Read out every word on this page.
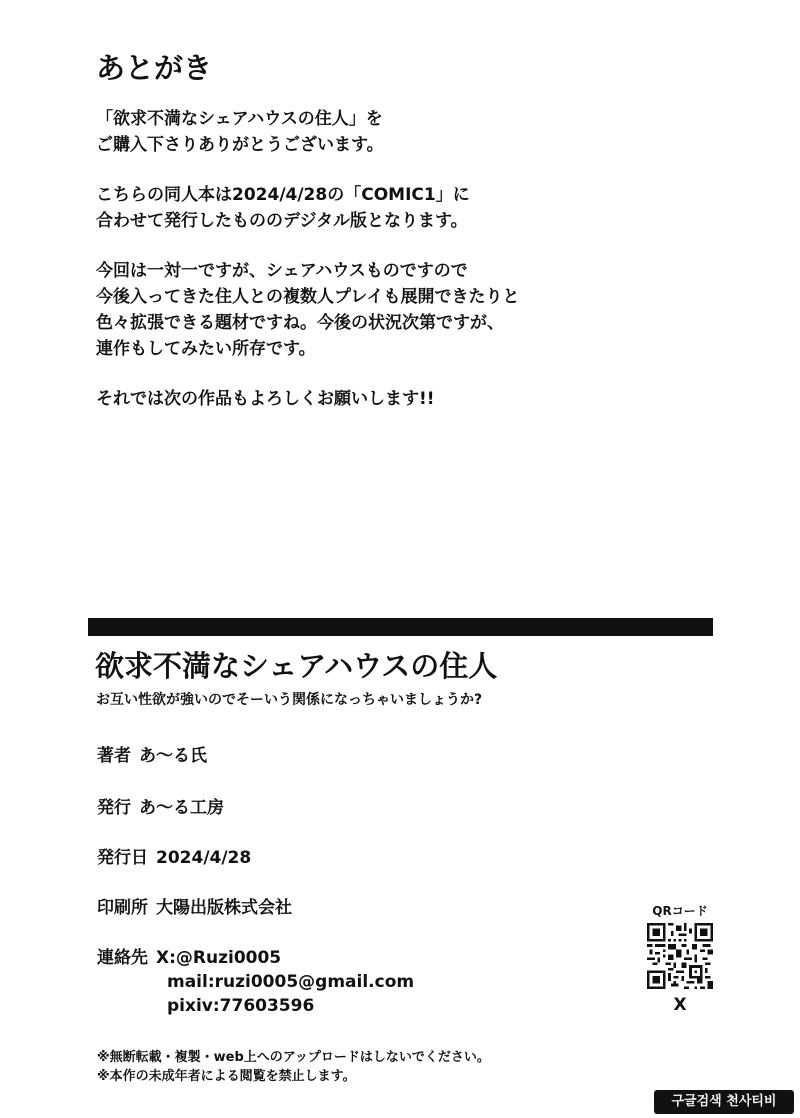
あとがき
「欲求不満なシェアハウスの住人」を
ご購入下さりありがとうございます。
こちらの同人本は2024/4/28の「COMIC1」に
合わせて発行したもののデジタル版となります。
今回は一対一ですが、シェアハウスものですので
今後入ってきた住人との複数人プレイも展開できたりと
色々拡張できる題材ですね。今後の状況次第ですが、
連作もしてみたい所存です。
それでは次の作品もよろしくお願いします!!
欲求不満なシェアハウスの住人
お互い性欲が強いのでそーいう関係になっちゃいましょうか?
著者 あ～る氏
発行 あ～る工房
発行日 2024/4/28
印刷所 大陽出版株式会社
連絡先 X:@Ruzi0005
mail:ruzi0005@gmail.com
pixiv:77603596
QRコード
X
※無断転載・複製・web上へのアップロードはしないでください。
※本作の未成年者による閲覧を禁止します。
구글검색 천사티비
